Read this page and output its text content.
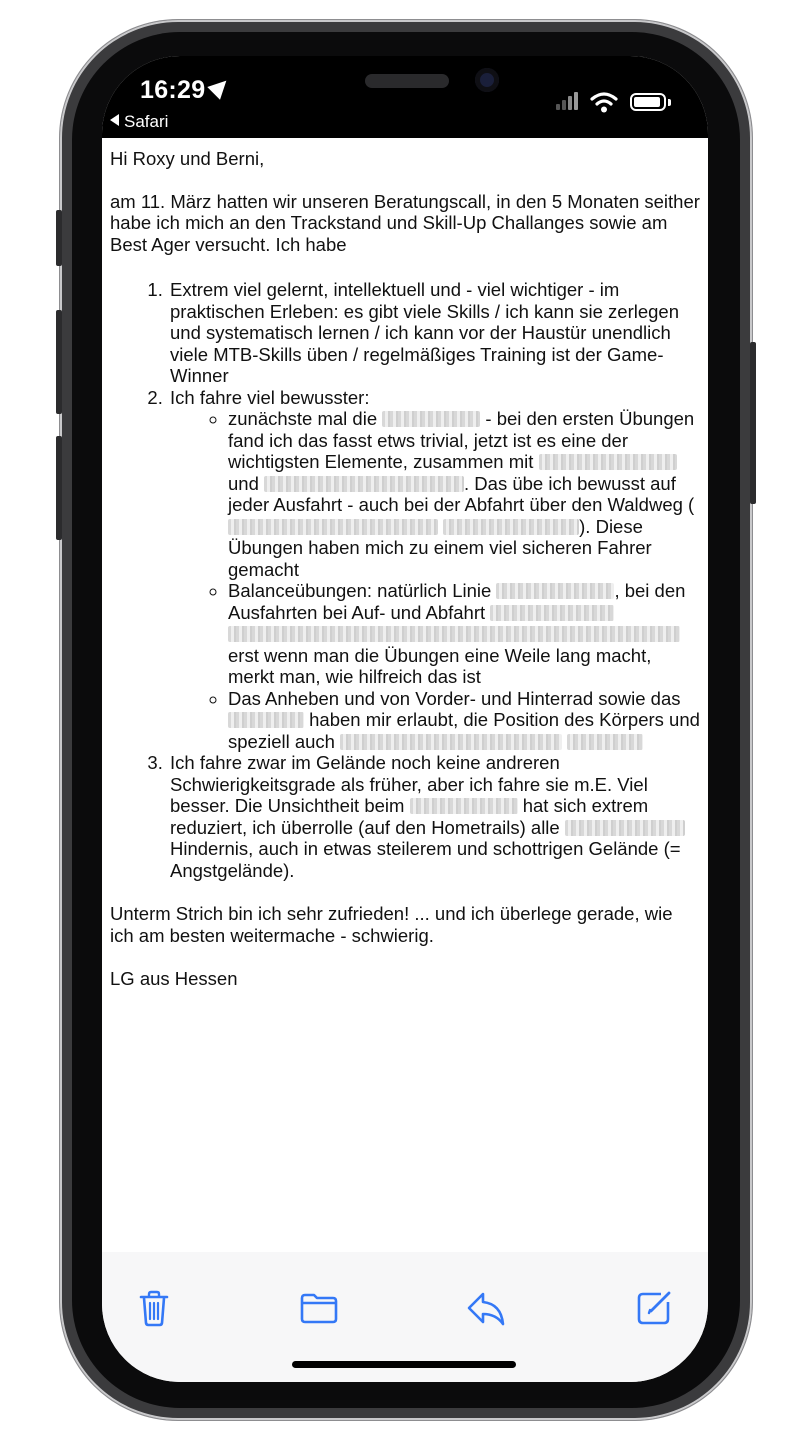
16:29
Safari

Hi Roxy und Berni,

am 11. März hatten wir unseren Beratungscall, in den 5 Monaten seither habe ich mich an den Trackstand und Skill-Up Challanges sowie am Best Ager versucht. Ich habe

1. Extrem viel gelernt, intellektuell und - viel wichtiger - im praktischen Erleben: es gibt viele Skills / ich kann sie zerlegen und systematisch lernen / ich kann vor der Haustür unendlich viele MTB-Skills üben / regelmäßiges Training ist der Game-Winner
2. Ich fahre viel bewusster:
◦ zunächste mal die	- bei den ersten Übungen fand ich das fasst etws trivial, jetzt ist es eine der wichtigsten Elemente, zusammen mit  und	. Das übe ich bewusst auf jeder Ausfahrt - auch bei der Abfahrt über den Waldweg ( ). Diese Übungen haben mich zu einem viel sicheren Fahrer gemacht
◦ Balanceübungen: natürlich Linie	, bei den Ausfahrten bei Auf- und Abfahrt   erst wenn man die Übungen eine Weile lang macht, merkt man, wie hilfreich das ist
◦ Das Anheben und von Vorder- und Hinterrad sowie das  haben mir erlaubt, die Position des Körpers und speziell auch
3. Ich fahre zwar im Gelände noch keine andreren Schwierigkeitsgrade als früher, aber ich fahre sie m.E. Viel besser. Die Unsichtheit beim	hat sich extrem reduziert, ich überrolle (auf den Hometrails) alle  Hindernis, auch in etwas steilerem und schottrigen Gelände (= Angstgelände).

Unterm Strich bin ich sehr zufrieden! ... und ich überlege gerade, wie ich am besten weitermache - schwierig.

LG aus Hessen
